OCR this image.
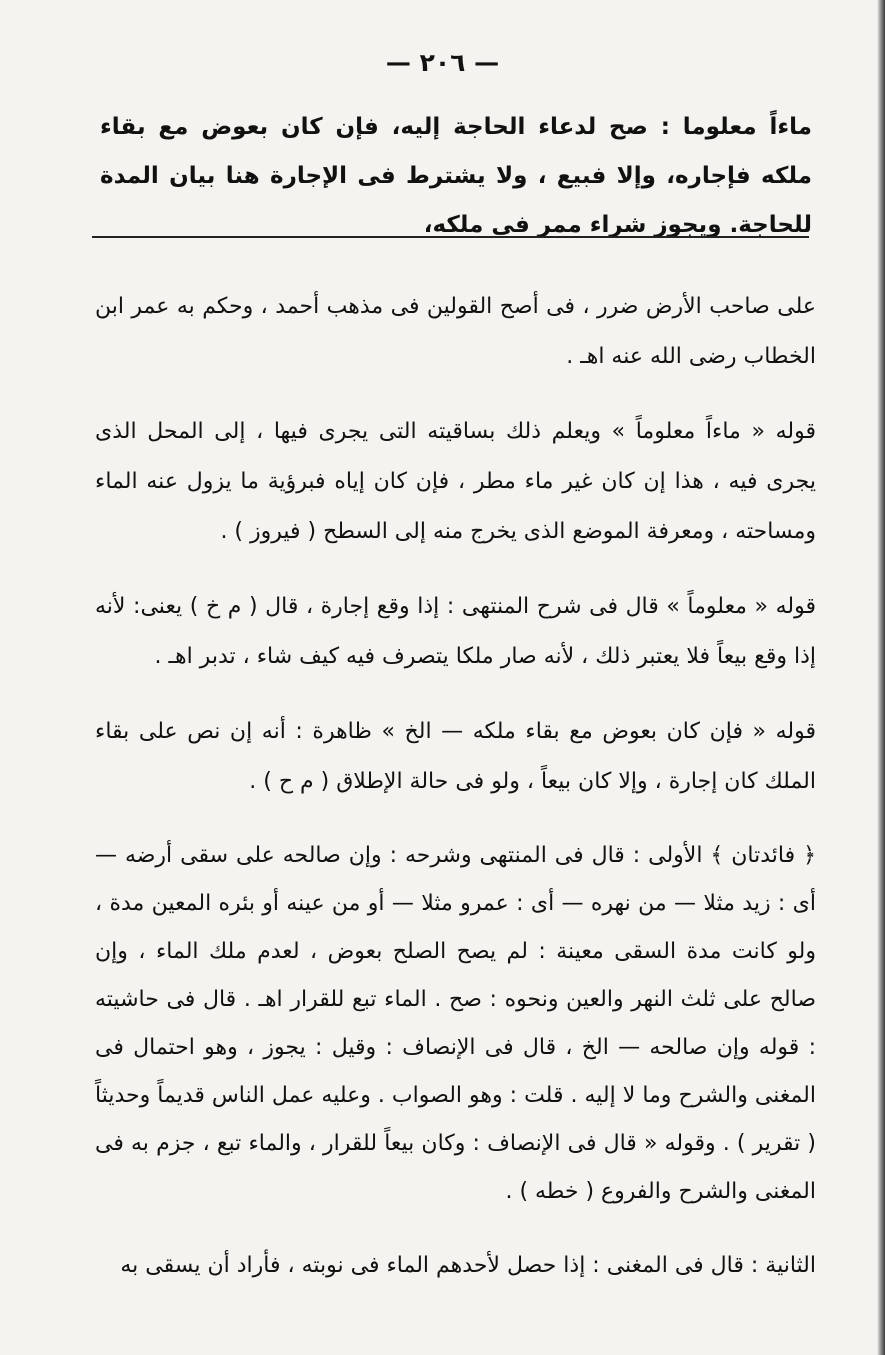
— ٢٠٦ —
ماءاً معلوما : صح لدعاء الحاجة إليه، فإن كان بعوض مع بقاء ملكه فإجاره، وإلا فبيع ، ولا يشترط فى الإجارة هنا بيان المدة للحاجة. ويجوز شراء ممر فى ملكه،

على صاحب الأرض ضرر ، فى أصح القولين فى مذهب أحمد ، وحكم به عمر ابن الخطاب رضى الله عنه اهـ .

قوله « ماءاً معلوماً » ويعلم ذلك بساقيته التى يجرى فيها ، إلى المحل الذى يجرى فيه ، هذا إن كان غير ماء مطر ، فإن كان إياه فبرؤية ما يزول عنه الماء ومساحته ، ومعرفة الموضع الذى يخرج منه إلى السطح ( فيروز ) .

قوله « معلوماً » قال فى شرح المنتهى : إذا وقع إجارة ، قال ( م خ ) يعنى: لأنه إذا وقع بيعاً فلا يعتبر ذلك ، لأنه صار ملكا يتصرف فيه كيف شاء ، تدبر اهـ .

قوله « فإن كان بعوض مع بقاء ملكه — الخ » ظاهرة : أنه إن نص على بقاء الملك كان إجارة ، وإلا كان بيعاً ، ولو فى حالة الإطلاق ( م ح ) .

﴿ فائدتان ﴾ الأولى : قال فى المنتهى وشرحه : وإن صالحه على سقى أرضه — أى : زيد مثلا — من نهره — أى : عمرو مثلا — أو من عينه أو بئره المعين مدة ، ولو كانت مدة السقى معينة : لم يصح الصلح بعوض ، لعدم ملك الماء ، وإن صالح على ثلث النهر والعين ونحوه : صح . الماء تبع للقرار اهـ . قال فى حاشيته : قوله وإن صالحه — الخ ، قال فى الإنصاف : وقيل : يجوز ، وهو احتمال فى المغنى والشرح وما لا إليه . قلت : وهو الصواب . وعليه عمل الناس قديماً وحديثاً ( تقرير ) . وقوله « قال فى الإنصاف : وكان بيعاً للقرار ، والماء تبع ، جزم به فى المغنى والشرح والفروع ( خطه ) .

الثانية : قال فى المغنى : إذا حصل لأحدهم الماء فى نوبته ، فأراد أن يسقى به
